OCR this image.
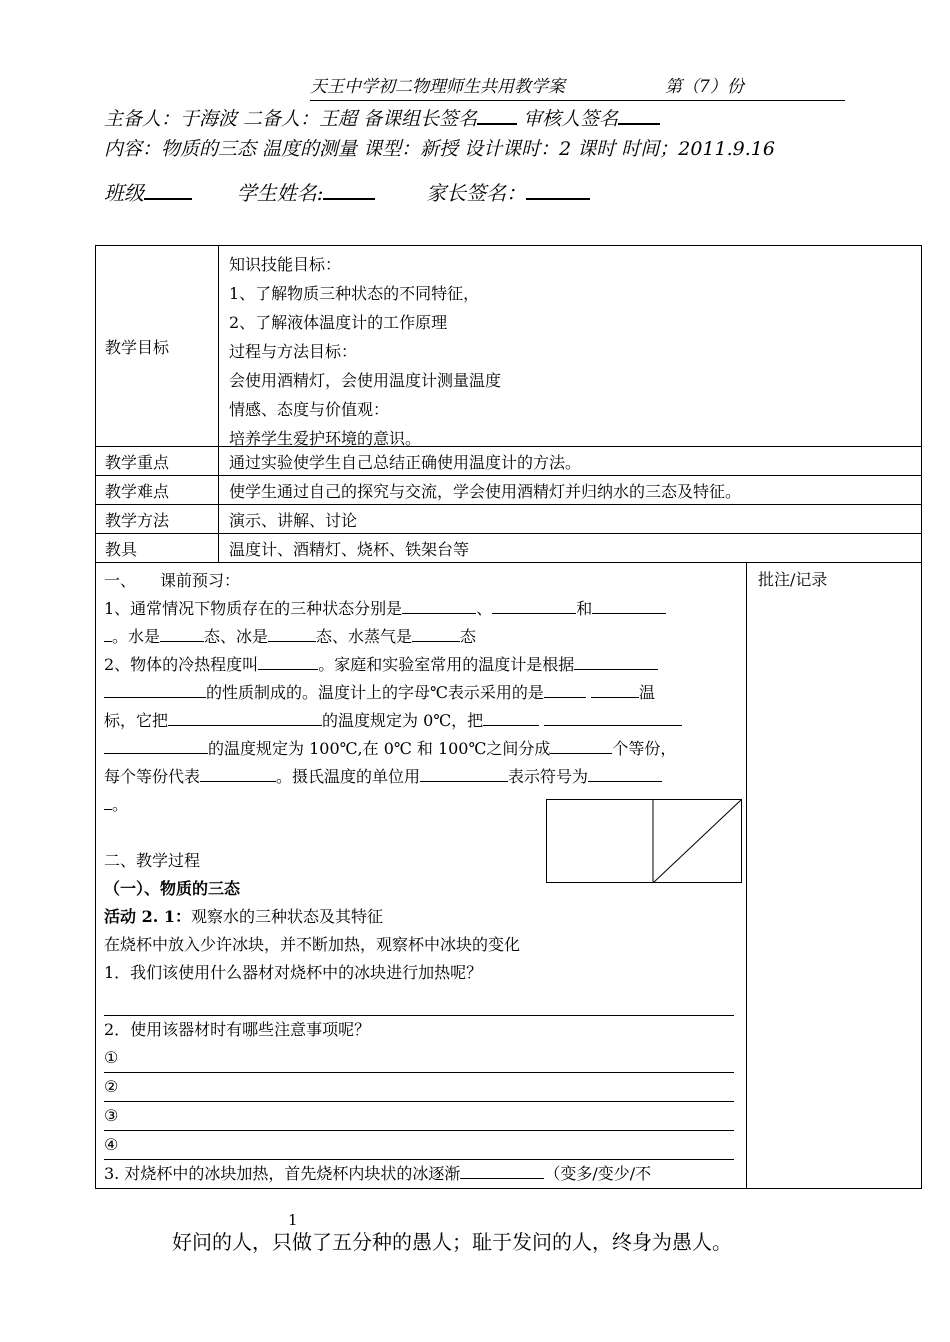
天王中学初二物理师生共用教学案	第（7）份
主备人：于海波 二备人：王超 备课组长签名 审核人签名
内容：物质的三态 温度的测量 课型：新授 设计课时：2 课时 时间；2011.9.16
班级	学生姓名:	家长签名：
教学目标
知识技能目标：
1、了解物质三种状态的不同特征，
2、了解液体温度计的工作原理
过程与方法目标：
会使用酒精灯，会使用温度计测量温度
情感、态度与价值观：
培养学生爱护环境的意识。
教学重点	通过实验使学生自己总结正确使用温度计的方法。
教学难点	使学生通过自己的探究与交流，学会使用酒精灯并归纳水的三态及特征。
教学方法	演示、讲解、讨论
教具	温度计、酒精灯、烧杯、铁架台等
批注/记录
一、　　课前预习：
1、通常情况下物质存在的三种状态分别是	、	和
。水是	态、冰是	态、水蒸气是	态
2、物体的冷热程度叫	。家庭和实验室常用的温度计是根据
的性质制成的。温度计上的字母℃表示采用的是	温
标，它把	的温度规定为 0℃，把
的温度规定为 100℃,在 0℃ 和 100℃之间分成	个等份，
每个等份代表	。摄氏温度的单位用	表示符号为
。
二、教学过程
（一）、物质的三态
活动 2. 1：观察水的三种状态及其特征
在烧杯中放入少许冰块，并不断加热，观察杯中冰块的变化
1．我们该使用什么器材对烧杯中的冰块进行加热呢？
2．使用该器材时有哪些注意事项呢？
①
②
③
④
3. 对烧杯中的冰块加热，首先烧杯内块状的冰逐渐	（变多/变少/不
1
好问的人，只做了五分种的愚人；耻于发问的人，终身为愚人。
